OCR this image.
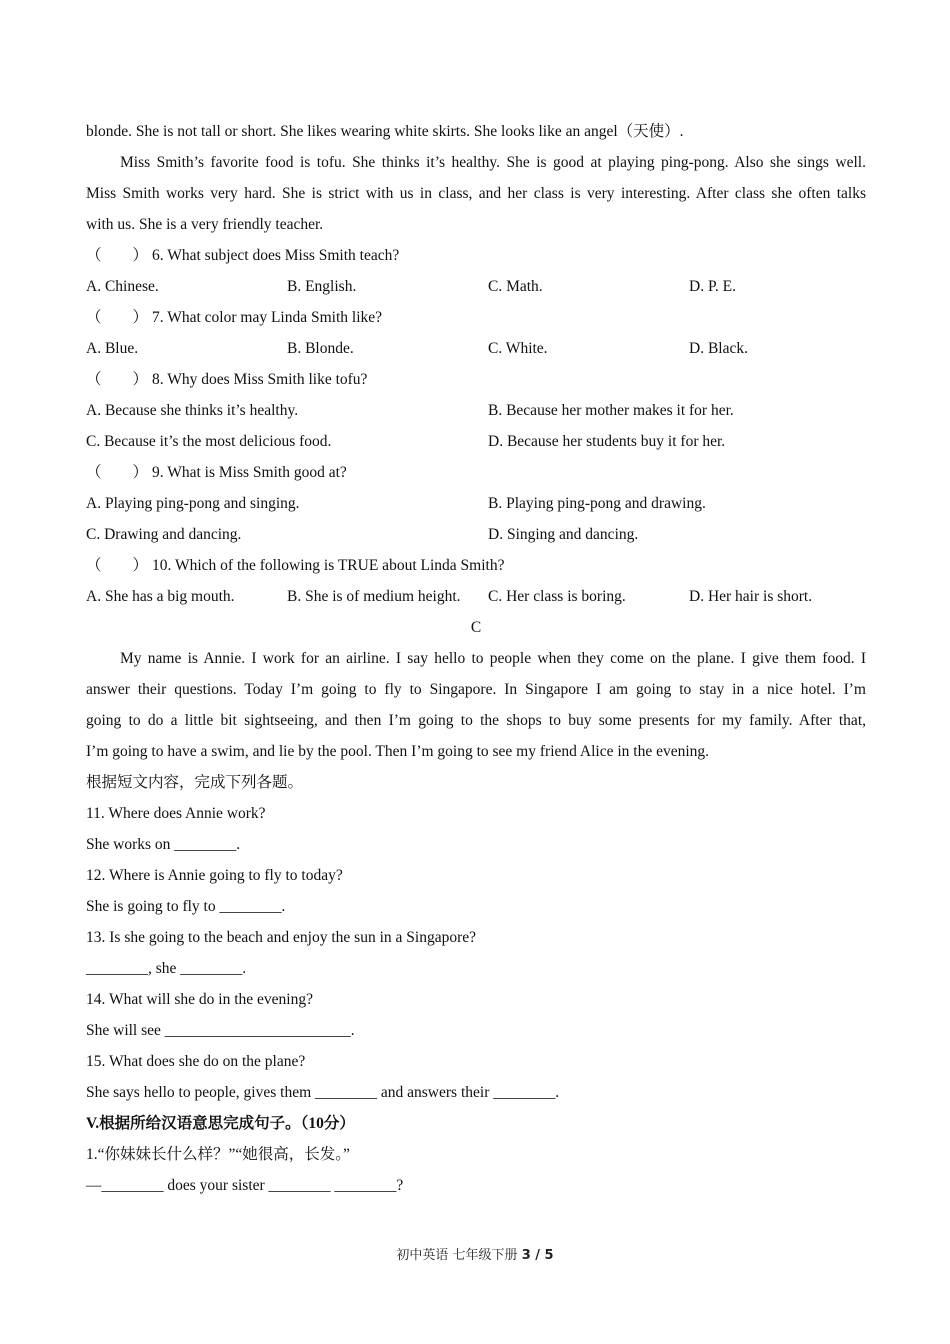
blonde. She is not tall or short. She likes wearing white skirts. She looks like an angel（天使）.
Miss Smith’s favorite food is tofu. She thinks it’s healthy. She is good at playing ping-pong. Also she sings well.
Miss Smith works very hard. She is strict with us in class, and her class is very interesting. After class she often talks
with us. She is a very friendly teacher.
（　　） 6. What subject does Miss Smith teach?
A. Chinese.	B. English.	C. Math.	D. P. E.
（　　） 7. What color may Linda Smith like?
A. Blue.	B. Blonde.	C. White.	D. Black.
（　　） 8. Why does Miss Smith like tofu?
A. Because she thinks it’s healthy.	B. Because her mother makes it for her.
C. Because it’s the most delicious food.	D. Because her students buy it for her.
（　　） 9. What is Miss Smith good at?
A. Playing ping-pong and singing.	B. Playing ping-pong and drawing.
C. Drawing and dancing.	D. Singing and dancing.
（　　） 10. Which of the following is TRUE about Linda Smith?
A. She has a big mouth.	B. She is of medium height.	C. Her class is boring.	D. Her hair is short.
C
My name is Annie. I work for an airline. I say hello to people when they come on the plane. I give them food. I
answer their questions. Today I’m going to fly to Singapore. In Singapore I am going to stay in a nice hotel. I’m
going to do a little bit sightseeing, and then I’m going to the shops to buy some presents for my family. After that,
I’m going to have a swim, and lie by the pool. Then I’m going to see my friend Alice in the evening.
根据短文内容，完成下列各题。
11. Where does Annie work?
She works on ________.
12. Where is Annie going to fly to today?
She is going to fly to ________.
13. Is she going to the beach and enjoy the sun in a Singapore?
________, she ________.
14. What will she do in the evening?
She will see ________________________.
15. What does she do on the plane?
She says hello to people, gives them ________ and answers their ________.
V.根据所给汉语意思完成句子。（10分）
1.“你妹妹长什么样？”“她很高，长发。”
—________ does your sister ________ ________?
初中英语 七年级下册 3 / 5
